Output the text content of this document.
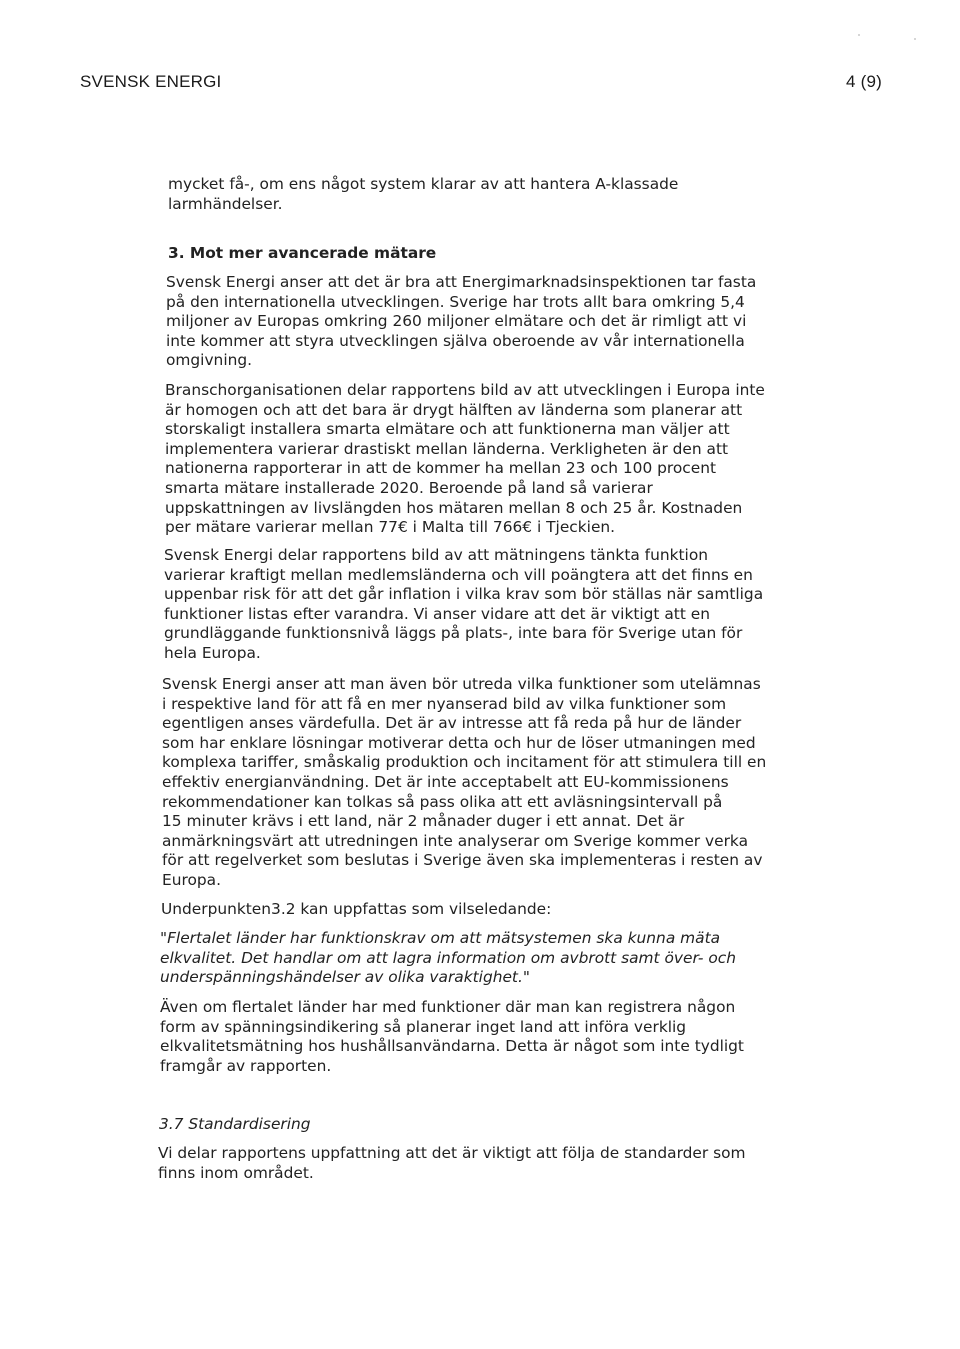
SVENSK ENERGI	4 (9)

mycket få-, om ens något system klarar av att hantera A-klassade
larmhändelser.

3. Mot mer avancerade mätare

Svensk Energi anser att det är bra att Energimarknadsinspektionen tar fasta
på den internationella utvecklingen. Sverige har trots allt bara omkring 5,4
miljoner av Europas omkring 260 miljoner elmätare och det är rimligt att vi
inte kommer att styra utvecklingen själva oberoende av vår internationella
omgivning.

Branschorganisationen delar rapportens bild av att utvecklingen i Europa inte
är homogen och att det bara är drygt hälften av länderna som planerar att
storskaligt installera smarta elmätare och att funktionerna man väljer att
implementera varierar drastiskt mellan länderna. Verkligheten är den att
nationerna rapporterar in att de kommer ha mellan 23 och 100 procent
smarta mätare installerade 2020. Beroende på land så varierar
uppskattningen av livslängden hos mätaren mellan 8 och 25 år. Kostnaden
per mätare varierar mellan 77€ i Malta till 766€ i Tjeckien.

Svensk Energi delar rapportens bild av att mätningens tänkta funktion
varierar kraftigt mellan medlemsländerna och vill poängtera att det finns en
uppenbar risk för att det går inflation i vilka krav som bör ställas när samtliga
funktioner listas efter varandra. Vi anser vidare att det är viktigt att en
grundläggande funktionsnivå läggs på plats-, inte bara för Sverige utan för
hela Europa.

Svensk Energi anser att man även bör utreda vilka funktioner som utelämnas
i respektive land för att få en mer nyanserad bild av vilka funktioner som
egentligen anses värdefulla. Det är av intresse att få reda på hur de länder
som har enklare lösningar motiverar detta och hur de löser utmaningen med
komplexa tariffer, småskalig produktion och incitament för att stimulera till en
effektiv energianvändning. Det är inte acceptabelt att EU-kommissionens
rekommendationer kan tolkas så pass olika att ett avläsningsintervall på
15 minuter krävs i ett land, när 2 månader duger i ett annat. Det är
anmärkningsvärt att utredningen inte analyserar om Sverige kommer verka
för att regelverket som beslutas i Sverige även ska implementeras i resten av
Europa.

Underpunkten3.2 kan uppfattas som vilseledande:

"Flertalet länder har funktionskrav om att mätsystemen ska kunna mäta
elkvalitet. Det handlar om att lagra information om avbrott samt över- och
underspänningshändelser av olika varaktighet."

Även om flertalet länder har med funktioner där man kan registrera någon
form av spänningsindikering så planerar inget land att införa verklig
elkvalitetsmätning hos hushållsanvändarna. Detta är något som inte tydligt
framgår av rapporten.

3.7 Standardisering

Vi delar rapportens uppfattning att det är viktigt att följa de standarder som
finns inom området.
